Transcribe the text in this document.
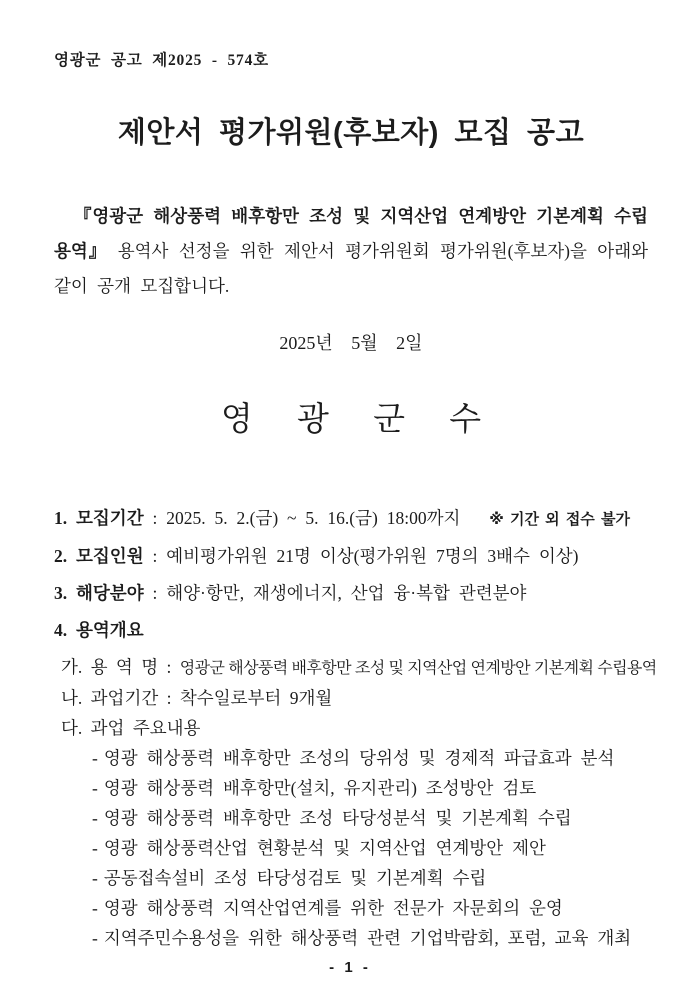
영광군 공고 제2025 - 574호
제안서 평가위원(후보자) 모집 공고

『영광군 해상풍력 배후항만 조성 및 지역산업 연계방안 기본계획 수립용역』 용역사 선정을 위한 제안서 평가위원회 평가위원(후보자)을 아래와 같이 공개 모집합니다.

2025년 5월 2일
영 광 군 수
1. 모집기간 : 2025. 5. 2.(금) ~ 5. 16.(금) 18:00까지 ※ 기간 외 접수 불가
2. 모집인원 : 예비평가위원 21명 이상(평가위원 7명의 3배수 이상)
3. 해당분야 : 해양·항만, 재생에너지, 산업 융·복합 관련분야
4. 용역개요
가. 용 역 명 : 영광군 해상풍력 배후항만 조성 및 지역산업 연계방안 기본계획 수립용역
나. 과업기간 : 착수일로부터 9개월
다. 과업 주요내용
- 영광 해상풍력 배후항만 조성의 당위성 및 경제적 파급효과 분석
- 영광 해상풍력 배후항만(설치, 유지관리) 조성방안 검토
- 영광 해상풍력 배후항만 조성 타당성분석 및 기본계획 수립
- 영광 해상풍력산업 현황분석 및 지역산업 연계방안 제안
- 공동접속설비 조성 타당성검토 및 기본계획 수립
- 영광 해상풍력 지역산업연계를 위한 전문가 자문회의 운영
- 지역주민수용성을 위한 해상풍력 관련 기업박람회, 포럼, 교육 개최
- 1 -
